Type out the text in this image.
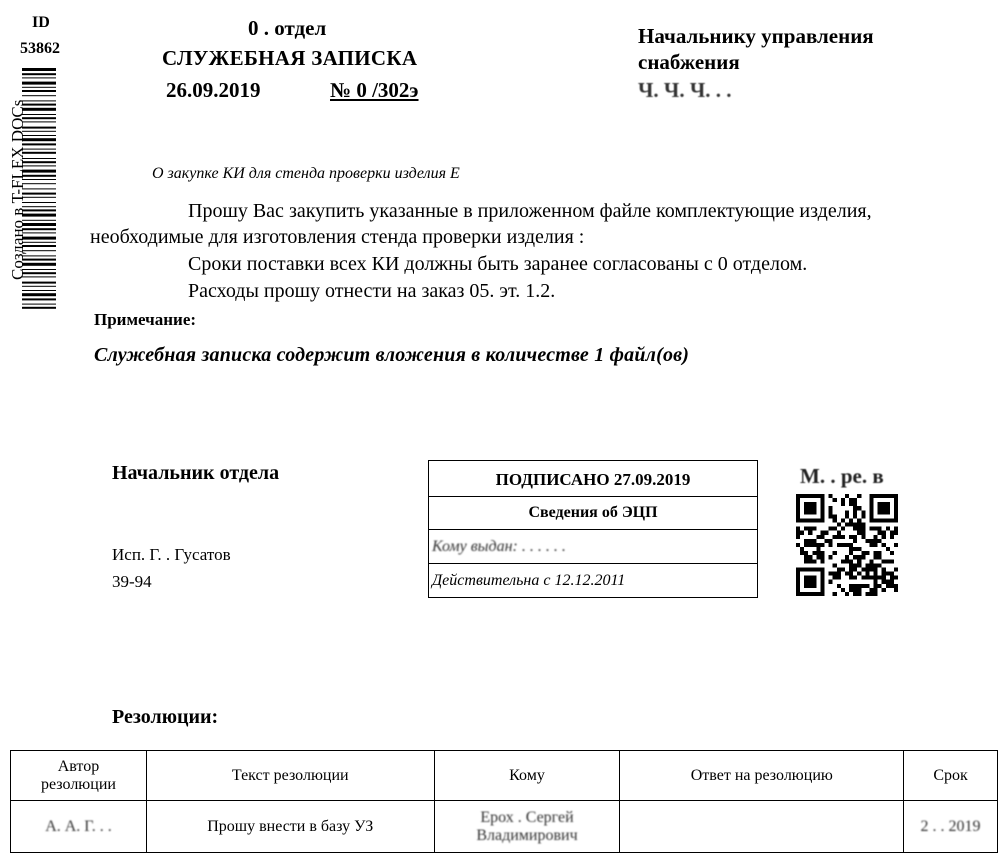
ID
53862
Создано в T-FLEX DOCs
0 . отдел
СЛУЖЕБНАЯ ЗАПИСКА
26.09.2019	№ 0 /302э
Начальнику управления
снабжения
Ч. Ч. Ч. . .
О закупке КИ для стенда проверки изделия Е
Прошу Вас закупить указанные в приложенном файле комплектующие изделия,
необходимые для изготовления стенда проверки изделия :
Сроки поставки всех КИ должны быть заранее согласованы с 0 отделом.
Расходы прошу отнести на заказ 05. эт. 1.2.
Примечание:
Служебная записка содержит вложения в количестве 1 файл(ов)
Начальник отдела
Исп. Г. . Гусатов
39-94
ПОДПИСАНО 27.09.2019
Сведения об ЭЦП
Кому выдан: . . . . . .
Действительна с 12.12.2011
М. . ре. в
Резолюции:
Автор резолюции	Текст резолюции	Кому	Ответ на резолюцию	Срок
А. А. Г. . .	Прошу внести в базу УЗ	Ерох . Сергей Владимирович		2 . . 2019
